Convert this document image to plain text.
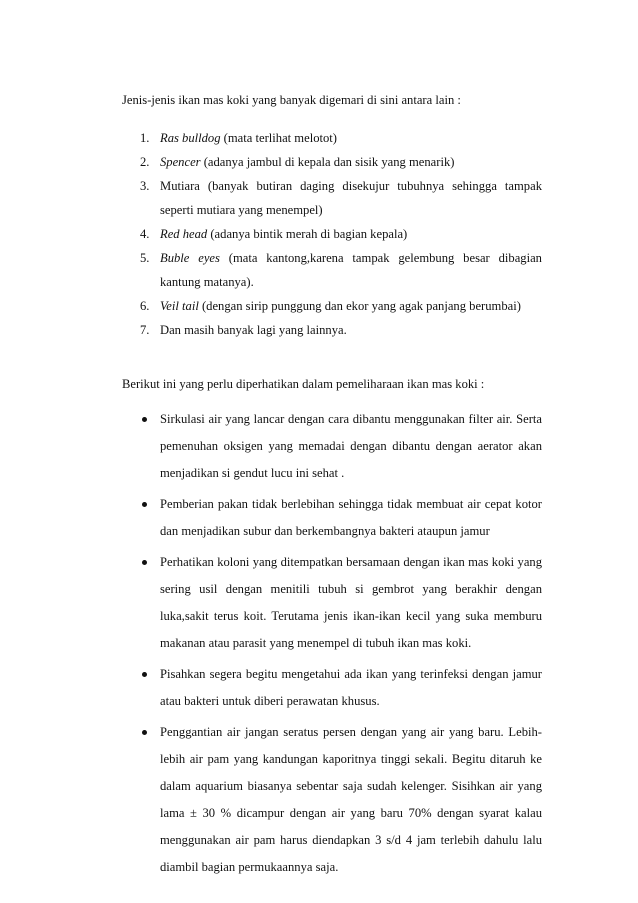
Jenis-jenis ikan mas koki yang banyak digemari di sini antara lain :

1. Ras bulldog (mata terlihat melotot)
2. Spencer (adanya jambul di kepala dan sisik yang menarik)
3. Mutiara (banyak butiran daging disekujur tubuhnya sehingga tampak seperti mutiara yang menempel)
4. Red head (adanya bintik merah di bagian kepala)
5. Buble eyes (mata kantong,karena tampak gelembung besar dibagian kantung matanya).
6. Veil tail (dengan sirip punggung dan ekor yang agak panjang berumbai)
7. Dan masih banyak lagi yang lainnya.

Berikut ini yang perlu diperhatikan dalam pemeliharaan ikan mas koki :

Sirkulasi air yang lancar dengan cara dibantu menggunakan filter air. Serta pemenuhan oksigen yang memadai dengan dibantu dengan aerator akan menjadikan si gendut lucu ini sehat .
Pemberian pakan tidak berlebihan sehingga tidak membuat air cepat kotor dan menjadikan subur dan berkembangnya bakteri ataupun jamur
Perhatikan koloni yang ditempatkan bersamaan dengan ikan mas koki yang sering usil dengan menitili tubuh si gembrot yang berakhir dengan luka,sakit terus koit. Terutama jenis ikan-ikan kecil yang suka memburu makanan atau parasit yang menempel di tubuh ikan mas koki.
Pisahkan segera begitu mengetahui ada ikan yang terinfeksi dengan jamur atau bakteri untuk diberi perawatan khusus.
Penggantian air jangan seratus persen dengan yang air yang baru. Lebih-lebih air pam yang kandungan kaporitnya tinggi sekali. Begitu ditaruh ke dalam aquarium biasanya sebentar saja sudah kelenger. Sisihkan air yang lama ± 30 % dicampur dengan air yang baru 70% dengan syarat kalau menggunakan air pam harus diendapkan 3 s/d 4 jam terlebih dahulu lalu diambil bagian permukaannya saja.
